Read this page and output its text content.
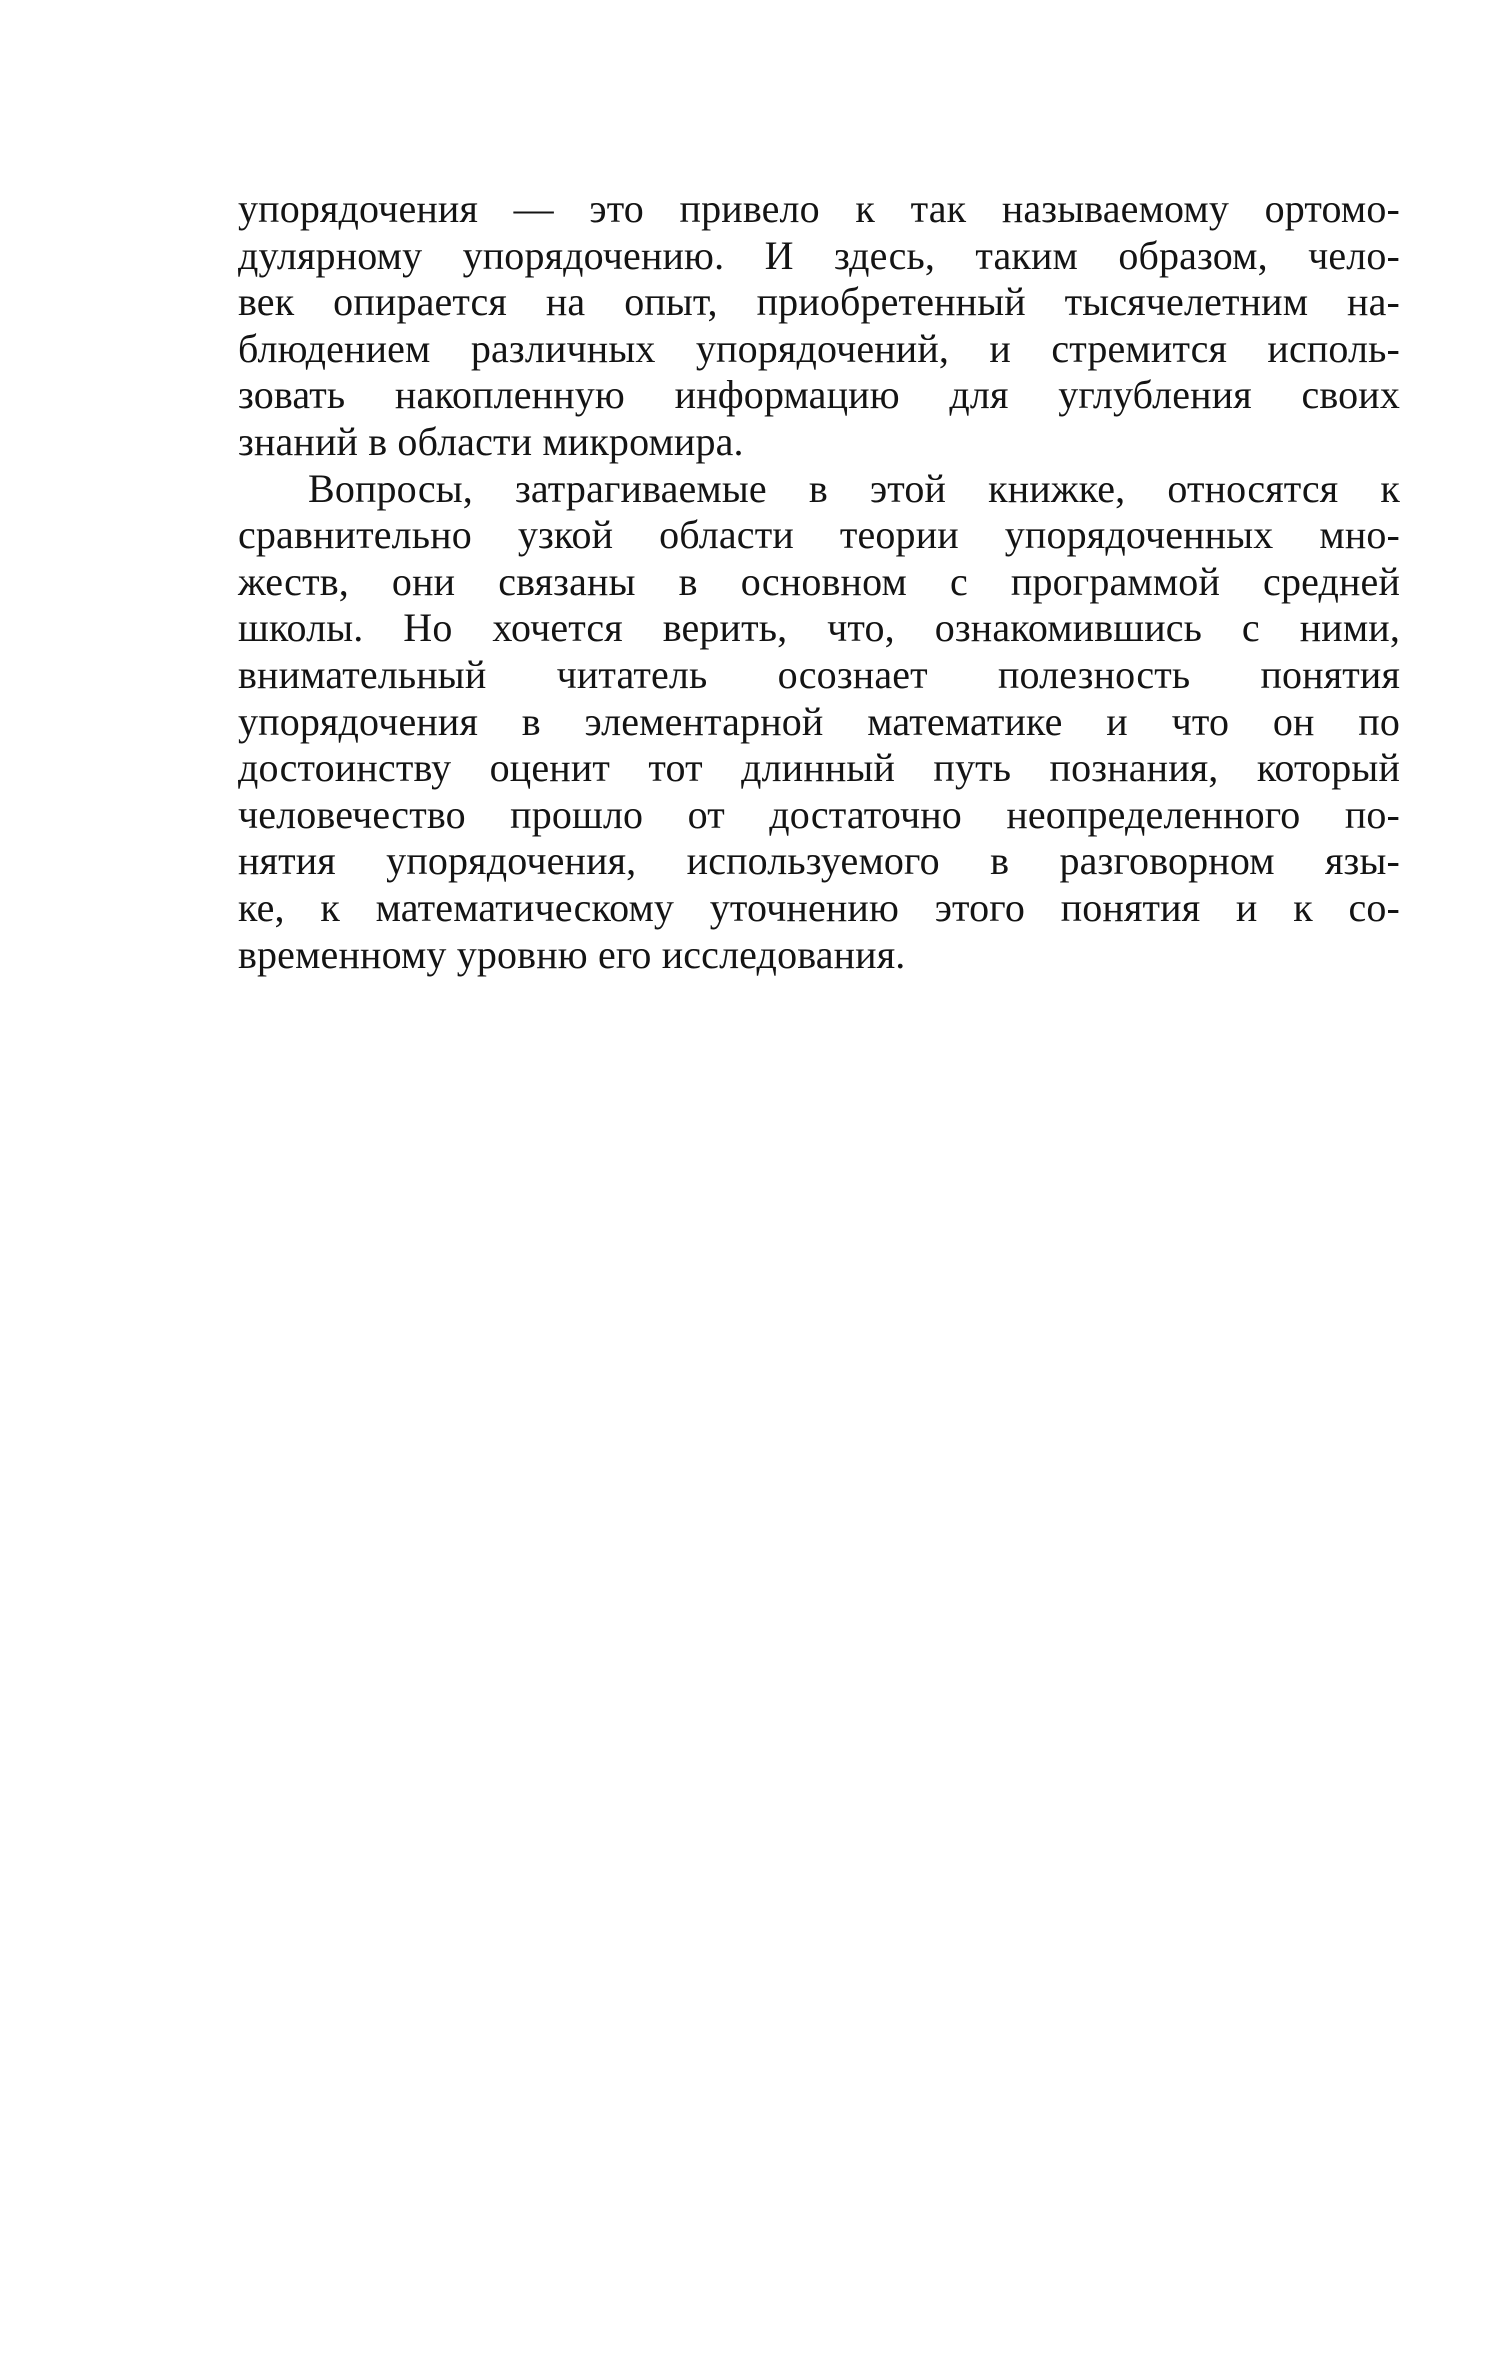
упорядочения — это привело к так называемому ортомо-
дулярному упорядочению. И здесь, таким образом, чело-
век опирается на опыт, приобретенный тысячелетним на-
блюдением различных упорядочений, и стремится исполь-
зовать накопленную информацию для углубления своих
знаний в области микромира.
Вопросы, затрагиваемые в этой книжке, относятся к
сравнительно узкой области теории упорядоченных мно-
жеств, они связаны в основном с программой средней
школы. Но хочется верить, что, ознакомившись с ними,
внимательный читатель осознает полезность понятия
упорядочения в элементарной математике и что он по
достоинству оценит тот длинный путь познания, который
человечество прошло от достаточно неопределенного по-
нятия упорядочения, используемого в разговорном язы-
ке, к математическому уточнению этого понятия и к со-
временному уровню его исследования.
